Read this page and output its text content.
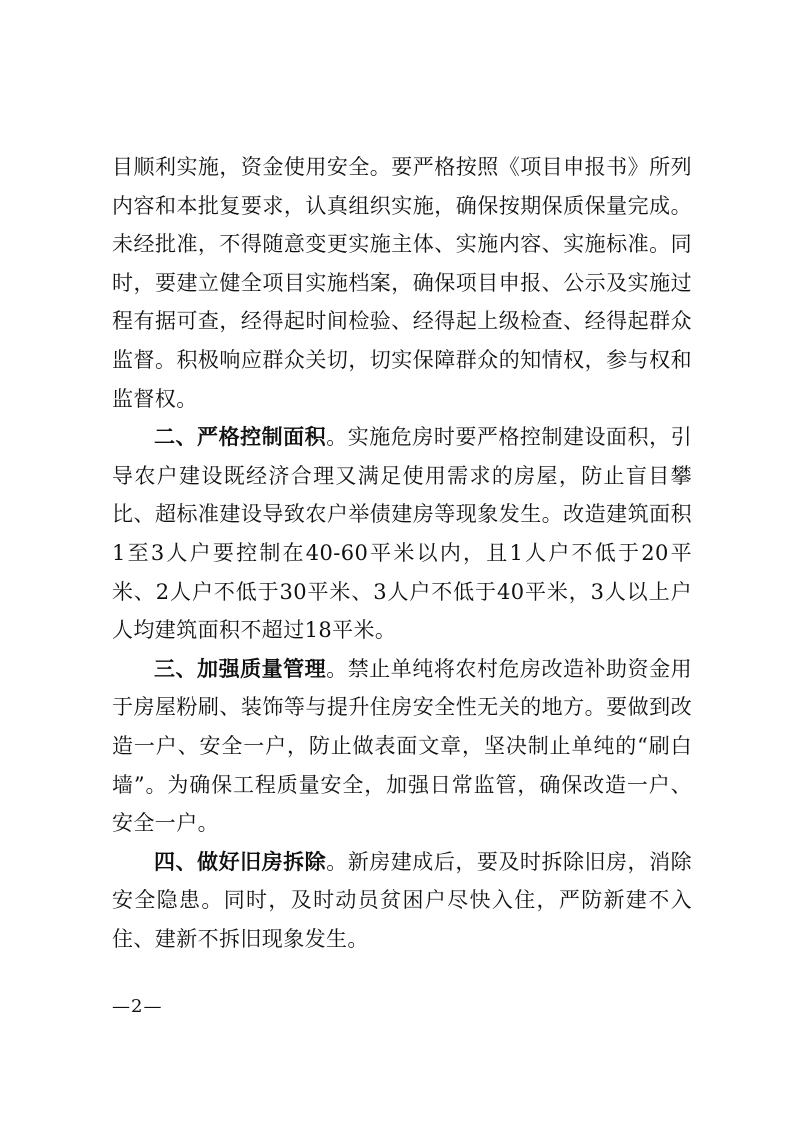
目顺利实施，资金使用安全。要严格按照《项目申报书》所列内容和本批复要求，认真组织实施，确保按期保质保量完成。未经批准，不得随意变更实施主体、实施内容、实施标准。同时，要建立健全项目实施档案，确保项目申报、公示及实施过程有据可查，经得起时间检验、经得起上级检查、经得起群众监督。积极响应群众关切，切实保障群众的知情权，参与权和监督权。

二、严格控制面积。实施危房时要严格控制建设面积，引导农户建设既经济合理又满足使用需求的房屋，防止盲目攀比、超标准建设导致农户举债建房等现象发生。改造建筑面积1至3人户要控制在40-60平米以内，且1人户不低于20平米、2人户不低于30平米、3人户不低于40平米，3人以上户人均建筑面积不超过18平米。

三、加强质量管理。禁止单纯将农村危房改造补助资金用于房屋粉刷、装饰等与提升住房安全性无关的地方。要做到改造一户、安全一户，防止做表面文章，坚决制止单纯的“刷白墙”。为确保工程质量安全，加强日常监管，确保改造一户、安全一户。

四、做好旧房拆除。新房建成后，要及时拆除旧房，消除安全隐患。同时，及时动员贫困户尽快入住，严防新建不入住、建新不拆旧现象发生。

—2—
